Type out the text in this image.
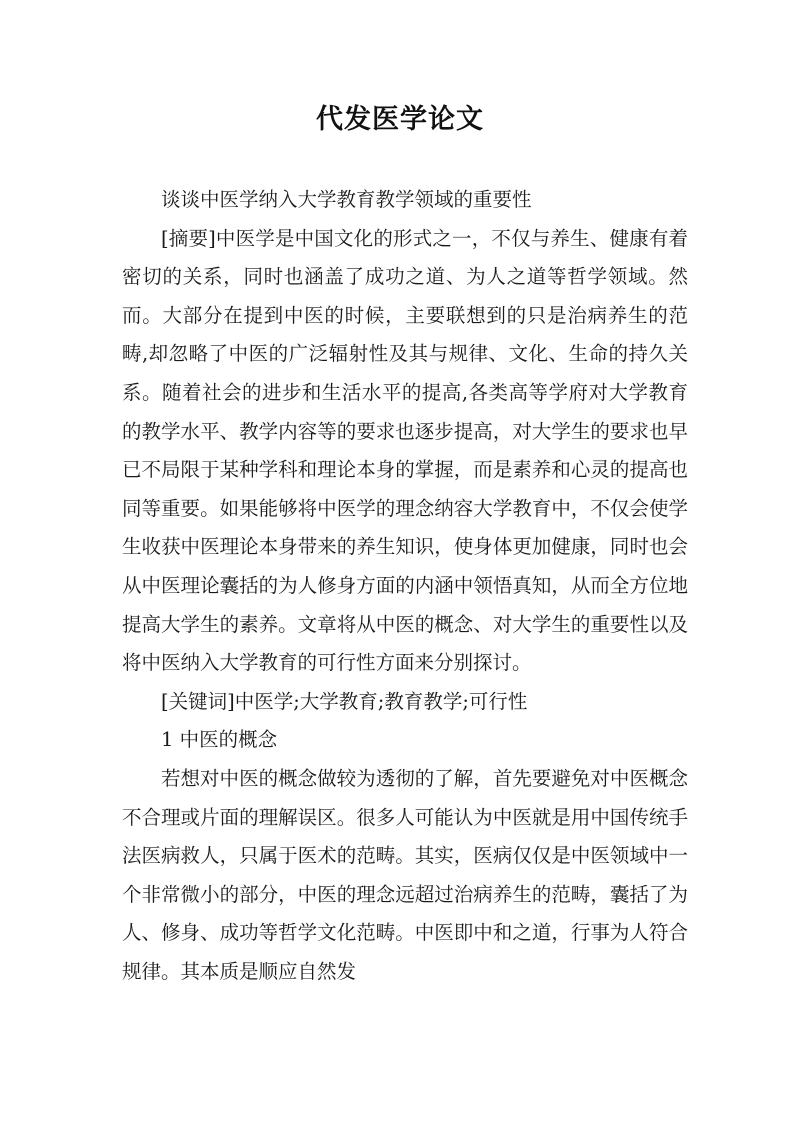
代发医学论文

谈谈中医学纳入大学教育教学领域的重要性

[摘要]中医学是中国文化的形式之一，不仅与养生、健康有着密切的关系，同时也涵盖了成功之道、为人之道等哲学领域。然而。大部分在提到中医的时候，主要联想到的只是治病养生的范畴,却忽略了中医的广泛辐射性及其与规律、文化、生命的持久关系。随着社会的进步和生活水平的提高,各类高等学府对大学教育的教学水平、教学内容等的要求也逐步提高，对大学生的要求也早已不局限于某种学科和理论本身的掌握，而是素养和心灵的提高也同等重要。如果能够将中医学的理念纳容大学教育中，不仅会使学生收获中医理论本身带来的养生知识，使身体更加健康，同时也会从中医理论囊括的为人修身方面的内涵中领悟真知，从而全方位地提高大学生的素养。文章将从中医的概念、对大学生的重要性以及将中医纳入大学教育的可行性方面来分别探讨。

[关键词]中医学;大学教育;教育教学;可行性

1 中医的概念

若想对中医的概念做较为透彻的了解，首先要避免对中医概念不合理或片面的理解误区。很多人可能认为中医就是用中国传统手法医病救人，只属于医术的范畴。其实，医病仅仅是中医领域中一个非常微小的部分，中医的理念远超过治病养生的范畴，囊括了为人、修身、成功等哲学文化范畴。中医即中和之道，行事为人符合规律。其本质是顺应自然发
